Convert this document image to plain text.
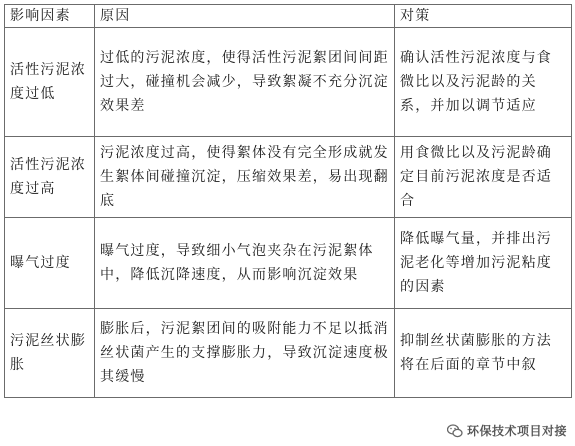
影响因素	原因	对策
活性污泥浓度过低	过低的污泥浓度，使得活性污泥絮团间间距过大，碰撞机会减少，导致絮凝不充分沉淀效果差	确认活性污泥浓度与食微比以及污泥龄的关系，并加以调节适应
活性污泥浓度过高	污泥浓度过高，使得絮体没有完全形成就发生絮体间碰撞沉淀，压缩效果差，易出现翻底	用食微比以及污泥龄确定目前污泥浓度是否适合
曝气过度	曝气过度，导致细小气泡夹杂在污泥絮体中，降低沉降速度，从而影响沉淀效果	降低曝气量，并排出污泥老化等增加污泥粘度的因素
污泥丝状膨胀	膨胀后，污泥絮团间的吸附能力不足以抵消丝状菌产生的支撑膨胀力，导致沉淀速度极其缓慢	抑制丝状菌膨胀的方法将在后面的章节中叙
环保技术项目对接
